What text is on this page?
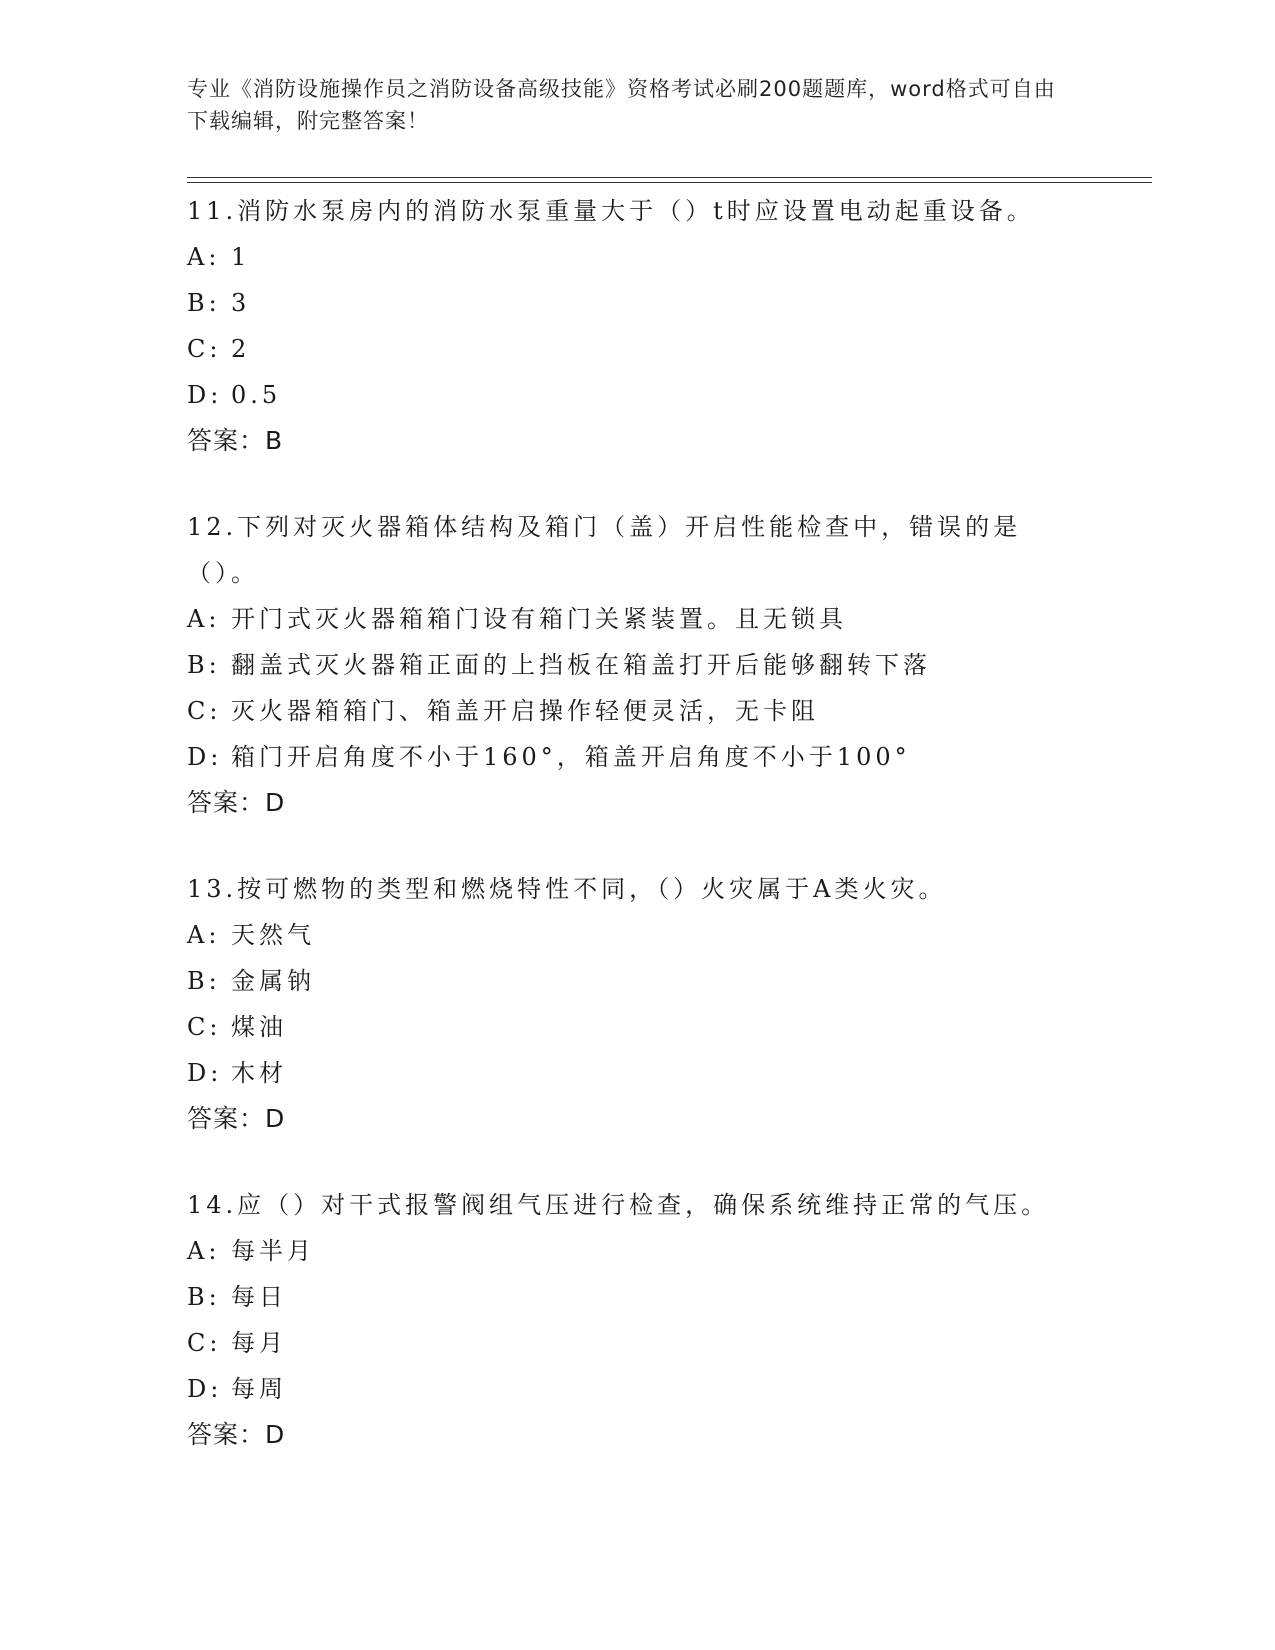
专业《消防设施操作员之消防设备高级技能》资格考试必刷200题题库，word格式可自由下载编辑，附完整答案！
11.消防水泵房内的消防水泵重量大于（）t时应设置电动起重设备。
A: 1
B: 3
C: 2
D: 0.5
答案：B
12.下列对灭火器箱体结构及箱门（盖）开启性能检查中，错误的是（）。
A: 开门式灭火器箱箱门设有箱门关紧装置。且无锁具
B: 翻盖式灭火器箱正面的上挡板在箱盖打开后能够翻转下落
C: 灭火器箱箱门、箱盖开启操作轻便灵活，无卡阻
D: 箱门开启角度不小于160°，箱盖开启角度不小于100°
答案：D
13.按可燃物的类型和燃烧特性不同，（）火灾属于A类火灾。
A: 天然气
B: 金属钠
C: 煤油
D: 木材
答案：D
14.应（）对干式报警阀组气压进行检查，确保系统维持正常的气压。
A: 每半月
B: 每日
C: 每月
D: 每周
答案：D
